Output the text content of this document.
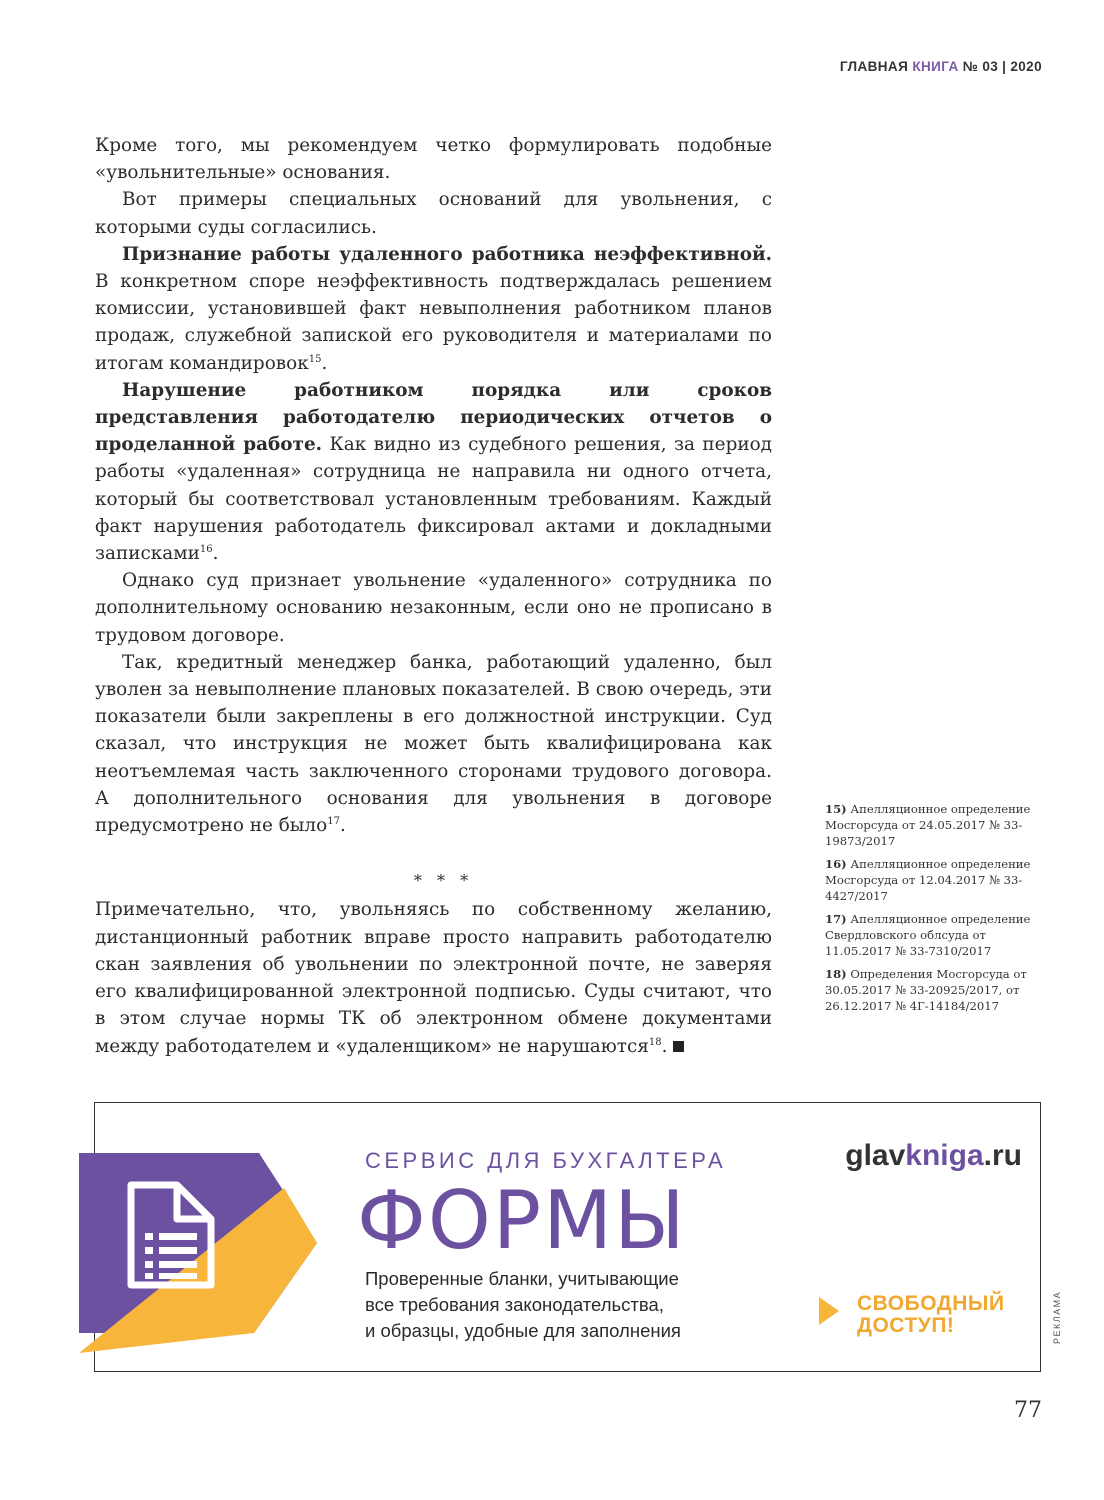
ГЛАВНАЯ КНИГА № 03 | 2020

Кроме того, мы рекомендуем четко формулировать подобные «увольнительные» основания.

Вот примеры специальных оснований для увольнения, с которыми суды согласились.

Признание работы удаленного работника неэффективной. В конкретном споре неэффективность подтверждалась решением комиссии, установившей факт невыполнения работником планов продаж, служебной запиской его руководителя и материалами по итогам командировок$^{15}$.

Нарушение работником порядка или сроков представления работодателю периодических отчетов о проделанной работе. Как видно из судебного решения, за период работы «удаленная» сотрудница не направила ни одного отчета, который бы соответствовал установленным требованиям. Каждый факт нарушения работодатель фиксировал актами и докладными записками$^{16}$.

Однако суд признает увольнение «удаленного» сотрудника по дополнительному основанию незаконным, если оно не прописано в трудовом договоре.

Так, кредитный менеджер банка, работающий удаленно, был уволен за невыполнение плановых показателей. В свою очередь, эти показатели были закреплены в его должностной инструкции. Суд сказал, что инструкция не может быть квалифицирована как неотъемлемая часть заключенного сторонами трудового договора. А дополнительного основания для увольнения в договоре предусмотрено не было$^{17}$.

* * *

Примечательно, что, увольняясь по собственному желанию, дистанционный работник вправе просто направить работодателю скан заявления об увольнении по электронной почте, не заверяя его квалифицированной электронной подписью. Суды считают, что в этом случае нормы ТК об электронном обмене документами между работодателем и «удаленщиком» не нарушаются$^{18}$.

15) Апелляционное определение Мосгорсуда от 24.05.2017 № 33-19873/2017
16) Апелляционное определение Мосгорсуда от 12.04.2017 № 33-4427/2017
17) Апелляционное определение Свердловского облсуда от 11.05.2017 № 33-7310/2017
18) Определения Мосгорсуда от 30.05.2017 № 33-20925/2017, от 26.12.2017 № 4Г-14184/2017
СЕРВИС ДЛЯ БУХГАЛТЕРА
ФОРМЫ
Проверенные бланки, учитывающие
все требования законодательства,
и образцы, удобные для заполнения
glavkniga.ru
СВОБОДНЫЙ
ДОСТУП!	РЕКЛАМА
77
